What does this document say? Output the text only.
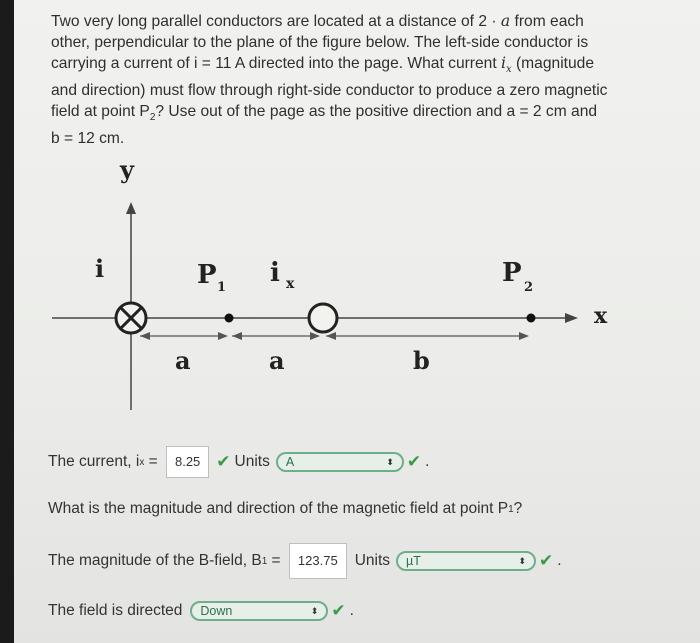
Two very long parallel conductors are located at a distance of 2 · a from each
other, perpendicular to the plane of the figure below. The left-side conductor is
carrying a current of i = 11 A directed into the page. What current $i_x$ (magnitude
and direction) must flow through right-side conductor to produce a zero magnetic
field at point $P_2$? Use out of the page as the positive direction and a = 2 cm and
b = 12 cm.
y
x
i	P 1 i x	P 2
a	a	b
The current, i x =	8.25 ✔ Units A	⬍ ✔ .
What is the magnitude and direction of the magnetic field at point P 1 ?
The magnitude of the B-field, B 1 =	123.75	Units µT	⬍ ✔ .
The field is directed Down	⬍ ✔ .
